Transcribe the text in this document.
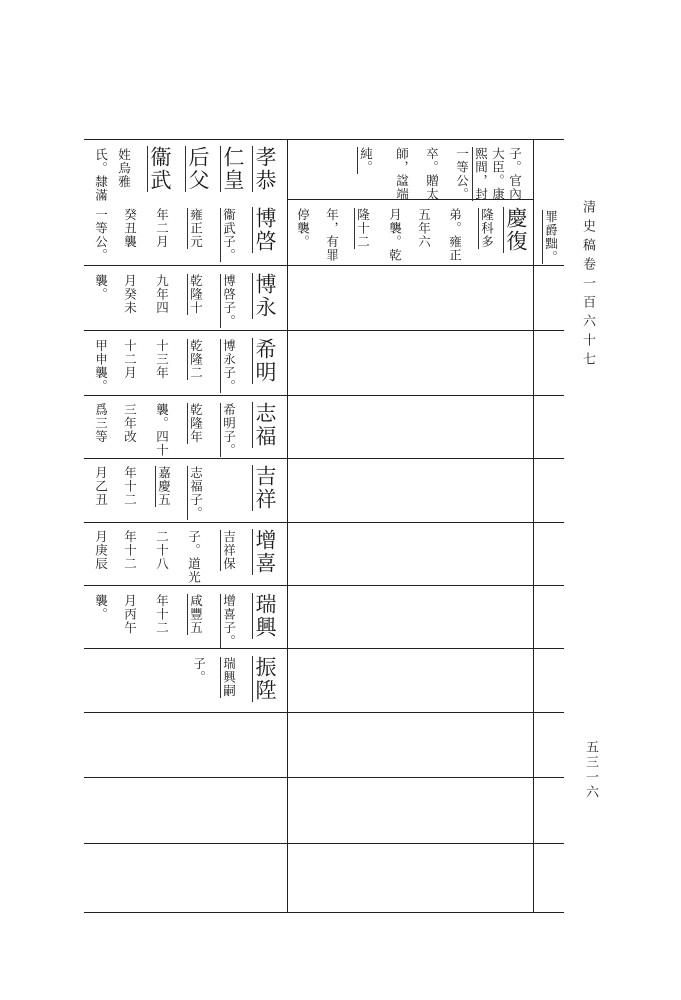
清史稿卷一百六十七
五三一六
罪爵黜。
子。官內
大臣。康
熙間，封
一等公。
卒。贈太
師，諡端
純。
孝恭
仁皇
后父
衞武
姓烏雅
氏。隸滿
慶復
隆科多
弟。雍正
五年六
月襲。乾
隆十二
年，有罪
停襲。
博啓
衞武子。
雍正元
年二月
癸丑襲
一等公。
博永
博啓子。
乾隆十
九年四
月癸未
襲。
希明
博永子。
乾隆二
十三年
十二月
甲申襲。
志福
希明子。
乾隆年
襲。四十
三年改
爲三等
吉祥
志福子。
嘉慶五
年十二
月乙丑
增喜
吉祥保
子。道光
二十八
年十二
月庚辰
瑞興
增喜子。
咸豐五
年十二
月丙午
襲。
振陞
瑞興嗣
子。
